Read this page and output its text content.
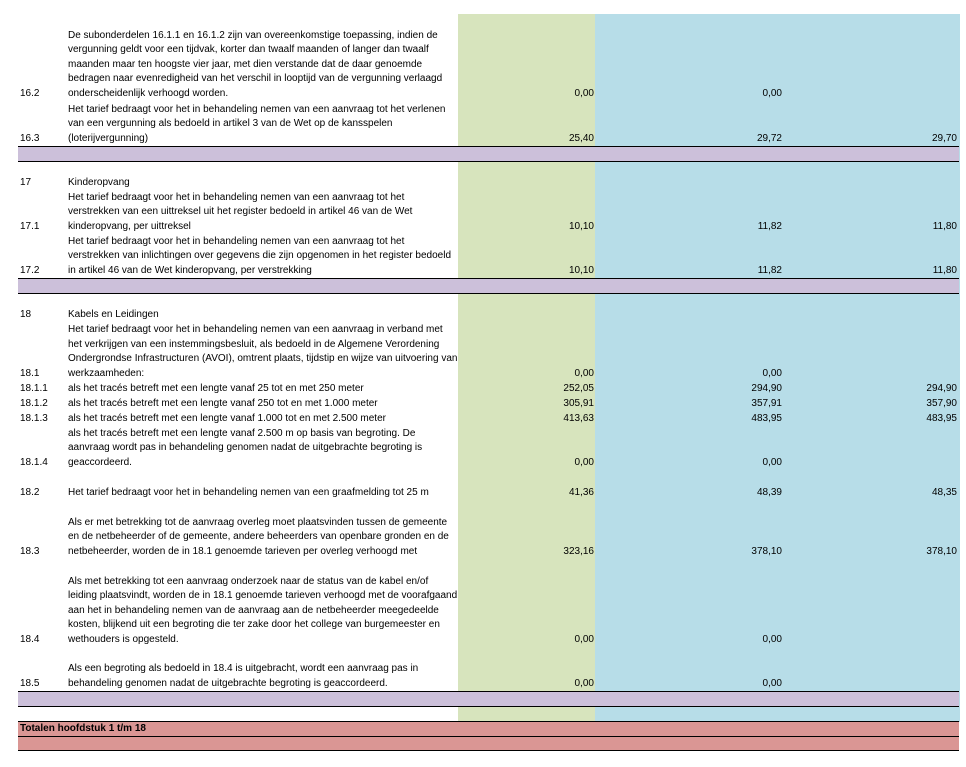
16.2
De subonderdelen 16.1.1 en 16.1.2 zijn van overeenkomstige toepassing, indien de vergunning geldt voor een tijdvak, korter dan twaalf maanden of langer dan twaalf maanden maar ten hoogste vier jaar, met dien verstande dat de daar genoemde bedragen naar evenredigheid van het verschil in looptijd van de vergunning verlaagd onderscheidenlijk verhoogd worden.	0,00	0,00
16.3
Het tarief bedraagt voor het in behandeling nemen van een aanvraag tot het verlenen van een vergunning als bedoeld in artikel 3 van de Wet op de kansspelen (loterijvergunning)	25,40	29,72	29,70
17	Kinderopvang
17.1
Het tarief bedraagt voor het in behandeling nemen van een aanvraag tot het verstrekken van een uittreksel uit het register bedoeld in artikel 46 van de Wet kinderopvang, per uittreksel	10,10	11,82	11,80
17.2
Het tarief bedraagt voor het in behandeling nemen van een aanvraag tot het verstrekken van inlichtingen over gegevens die zijn opgenomen in het register bedoeld in artikel 46 van de Wet kinderopvang, per verstrekking	10,10	11,82	11,80
18	Kabels en Leidingen
18.1
Het tarief bedraagt voor het in behandeling nemen van een aanvraag in verband met het verkrijgen van een instemmingsbesluit, als bedoeld in de Algemene Verordening Ondergrondse Infrastructuren (AVOI), omtrent plaats, tijdstip en wijze van uitvoering van werkzaamheden:	0,00	0,00
18.1.1 als het tracés betreft met een lengte vanaf 25 tot en met 250 meter	252,05	294,90	294,90
18.1.2 als het tracés betreft met een lengte vanaf 250 tot en met 1.000 meter	305,91	357,91	357,90
18.1.3 als het tracés betreft met een lengte vanaf 1.000 tot en met 2.500 meter	413,63	483,95	483,95
18.1.4
als het tracés betreft met een lengte vanaf 2.500 m op basis van begroting. De aanvraag wordt pas in behandeling genomen nadat de uitgebrachte begroting is geaccordeerd.	0,00	0,00
18.2	Het tarief bedraagt voor het in behandeling nemen van een graafmelding tot 25 m	41,36	48,39	48,35
18.3
Als er met betrekking tot de aanvraag overleg moet plaatsvinden tussen de gemeente en de netbeheerder of de gemeente, andere beheerders van openbare gronden en de netbeheerder, worden de in 18.1 genoemde tarieven per overleg verhoogd met	323,16	378,10	378,10
18.4
Als met betrekking tot een aanvraag onderzoek naar de status van de kabel en/of leiding plaatsvindt, worden de in 18.1 genoemde tarieven verhoogd met de voorafgaand aan het in behandeling nemen van de aanvraag aan de netbeheerder meegedeelde kosten, blijkend uit een begroting die ter zake door het college van burgemeester en wethouders is opgesteld.	0,00	0,00
18.5
Als een begroting als bedoeld in 18.4 is uitgebracht, wordt een aanvraag pas in behandeling genomen nadat de uitgebrachte begroting is geaccordeerd.	0,00	0,00
Totalen hoofdstuk 1 t/m 18
